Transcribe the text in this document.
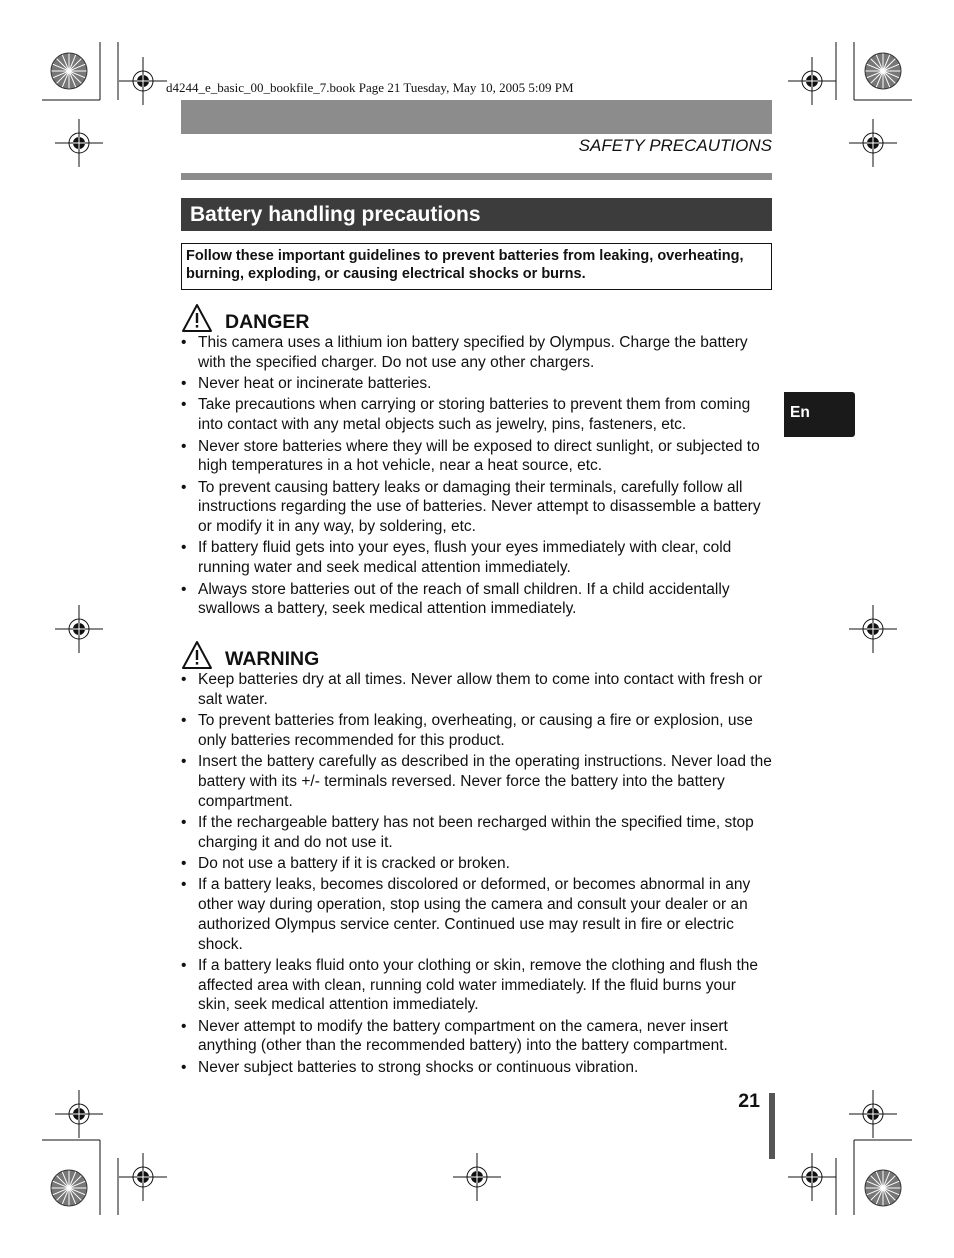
d4244_e_basic_00_bookfile_7.book Page 21 Tuesday, May 10, 2005 5:09 PM
SAFETY PRECAUTIONS
Battery handling precautions

Follow these important guidelines to prevent batteries from leaking, overheating, burning, exploding, or causing electrical shocks or burns.

DANGER
• This camera uses a lithium ion battery specified by Olympus. Charge the battery with the specified charger. Do not use any other chargers.
• Never heat or incinerate batteries.
• Take precautions when carrying or storing batteries to prevent them from coming into contact with any metal objects such as jewelry, pins, fasteners, etc.
• Never store batteries where they will be exposed to direct sunlight, or subjected to high temperatures in a hot vehicle, near a heat source, etc.
• To prevent causing battery leaks or damaging their terminals, carefully follow all instructions regarding the use of batteries. Never attempt to disassemble a battery or modify it in any way, by soldering, etc.
• If battery fluid gets into your eyes, flush your eyes immediately with clear, cold running water and seek medical attention immediately.
• Always store batteries out of the reach of small children. If a child accidentally swallows a battery, seek medical attention immediately.
WARNING
• Keep batteries dry at all times. Never allow them to come into contact with fresh or salt water.
• To prevent batteries from leaking, overheating, or causing a fire or explosion, use only batteries recommended for this product.
• Insert the battery carefully as described in the operating instructions. Never load the battery with its +/- terminals reversed. Never force the battery into the battery compartment.
• If the rechargeable battery has not been recharged within the specified time, stop charging it and do not use it.
• Do not use a battery if it is cracked or broken.
• If a battery leaks, becomes discolored or deformed, or becomes abnormal in any other way during operation, stop using the camera and consult your dealer or an authorized Olympus service center. Continued use may result in fire or electric shock.
• If a battery leaks fluid onto your clothing or skin, remove the clothing and flush the affected area with clean, running cold water immediately. If the fluid burns your skin, seek medical attention immediately.
• Never attempt to modify the battery compartment on the camera, never insert anything (other than the recommended battery) into the battery compartment.
• Never subject batteries to strong shocks or continuous vibration.
En
21
